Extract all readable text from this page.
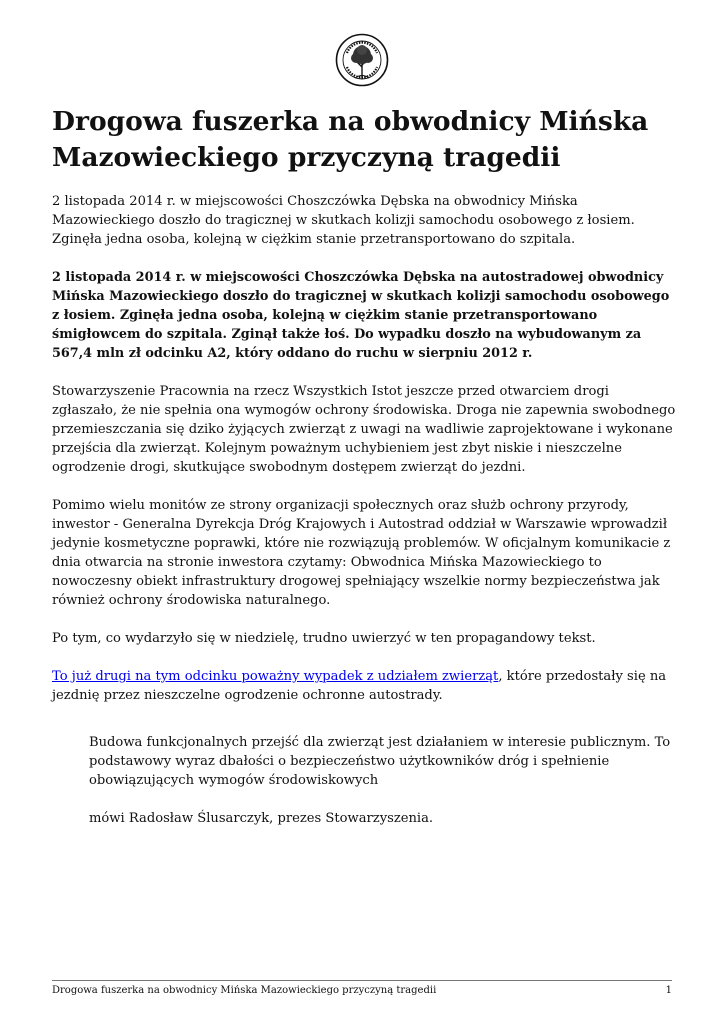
Drogowa fuszerka na obwodnicy Mińska Mazowieckiego przyczyną tragedii

2 listopada 2014 r. w miejscowości Choszczówka Dębska na obwodnicy Mińska Mazowieckiego doszło do tragicznej w skutkach kolizji samochodu osobowego z łosiem. Zginęła jedna osoba, kolejną w ciężkim stanie przetransportowano do szpitala.

2 listopada 2014 r. w miejscowości Choszczówka Dębska na autostradowej obwodnicy Mińska Mazowieckiego doszło do tragicznej w skutkach kolizji samochodu osobowego z łosiem. Zginęła jedna osoba, kolejną w ciężkim stanie przetransportowano śmigłowcem do szpitala. Zginął także łoś. Do wypadku doszło na wybudowanym za 567,4 mln zł odcinku A2, który oddano do ruchu w sierpniu 2012 r.

Stowarzyszenie Pracownia na rzecz Wszystkich Istot jeszcze przed otwarciem drogi zgłaszało, że nie spełnia ona wymogów ochrony środowiska. Droga nie zapewnia swobodnego przemieszczania się dziko żyjących zwierząt z uwagi na wadliwie zaprojektowane i wykonane przejścia dla zwierząt. Kolejnym poważnym uchybieniem jest zbyt niskie i nieszczelne ogrodzenie drogi, skutkujące swobodnym dostępem zwierząt do jezdni.

Pomimo wielu monitów ze strony organizacji społecznych oraz służb ochrony przyrody, inwestor - Generalna Dyrekcja Dróg Krajowych i Autostrad oddział w Warszawie wprowadził jedynie kosmetyczne poprawki, które nie rozwiązują problemów. W oficjalnym komunikacie z dnia otwarcia na stronie inwestora czytamy: Obwodnica Mińska Mazowieckiego to nowoczesny obiekt infrastruktury drogowej spełniający wszelkie normy bezpieczeństwa jak również ochrony środowiska naturalnego.

Po tym, co wydarzyło się w niedzielę, trudno uwierzyć w ten propagandowy tekst.

To już drugi na tym odcinku poważny wypadek z udziałem zwierząt, które przedostały się na jezdnię przez nieszczelne ogrodzenie ochronne autostrady.

Budowa funkcjonalnych przejść dla zwierząt jest działaniem w interesie publicznym. To podstawowy wyraz dbałości o bezpieczeństwo użytkowników dróg i spełnienie obowiązujących wymogów środowiskowych

mówi Radosław Ślusarczyk, prezes Stowarzyszenia.

Drogowa fuszerka na obwodnicy Mińska Mazowieckiego przyczyną tragedii	1
